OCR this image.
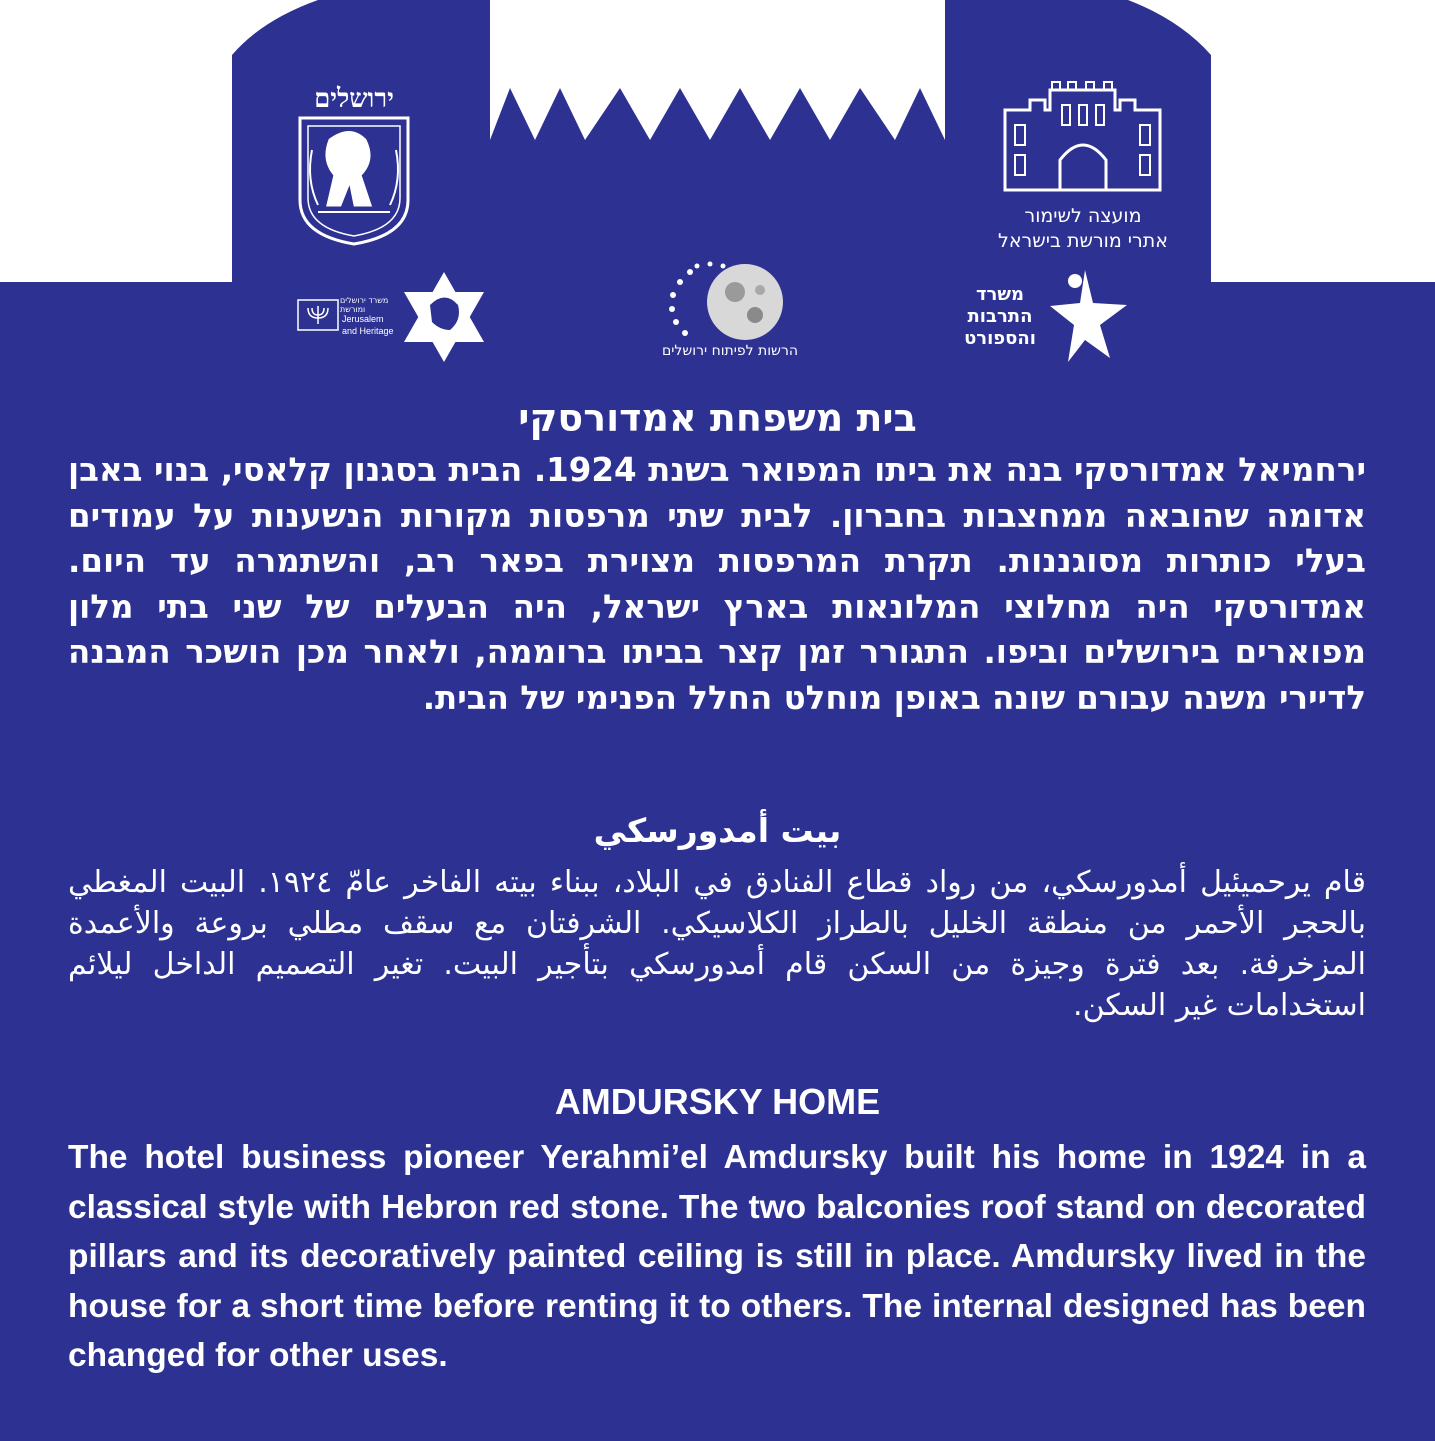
ירושלים
מועצה לשימור
אתרי מורשת בישראל
משרד ירושלים ומורשת
Jerusalem
and Heritage
הרשות לפיתוח ירושלים
משרד
התרבות
והספורט
בית משפחת אמדורסקי

ירחמיאל אמדורסקי בנה את ביתו המפואר בשנת 1924. הבית בסגנון קלאסי, בנוי באבן אדומה שהובאה ממחצבות בחברון. לבית שתי מרפסות מקורות הנשענות על עמודים בעלי כותרות מסוגננות. תקרת המרפסות מצוירת בפאר רב, והשתמרה עד היום. אמדורסקי היה מחלוצי המלונאות בארץ ישראל, היה הבעלים של שני בתי מלון מפוארים בירושלים וביפו. התגורר זמן קצר בביתו ברוממה, ולאחר מכן הושכר המבנה לדיירי משנה עבורם שונה באופן מוחלט החלל הפנימי של הבית.

بيت أمدورسكي

قام يرحميئيل أمدورسكي، من رواد قطاع الفنادق في البلاد، ببناء بيته الفاخر عامّ ١٩٢٤. البيت المغطي بالحجر الأحمر من منطقة الخليل بالطراز الكلاسيكي. الشرفتان مع سقف مطلي بروعة والأعمدة المزخرفة. بعد فترة وجيزة من السكن قام أمدورسكي بتأجير البيت. تغير التصميم الداخل ليلائم استخدامات غير السكن.

AMDURSKY HOME

The hotel business pioneer Yerahmi’el Amdursky built his home in 1924 in a classical style with Hebron red stone. The two balconies roof stand on decorated pillars and its decoratively painted ceiling is still in place. Amdursky lived in the house for a short time before renting it to others. The internal designed has been changed for other uses.
